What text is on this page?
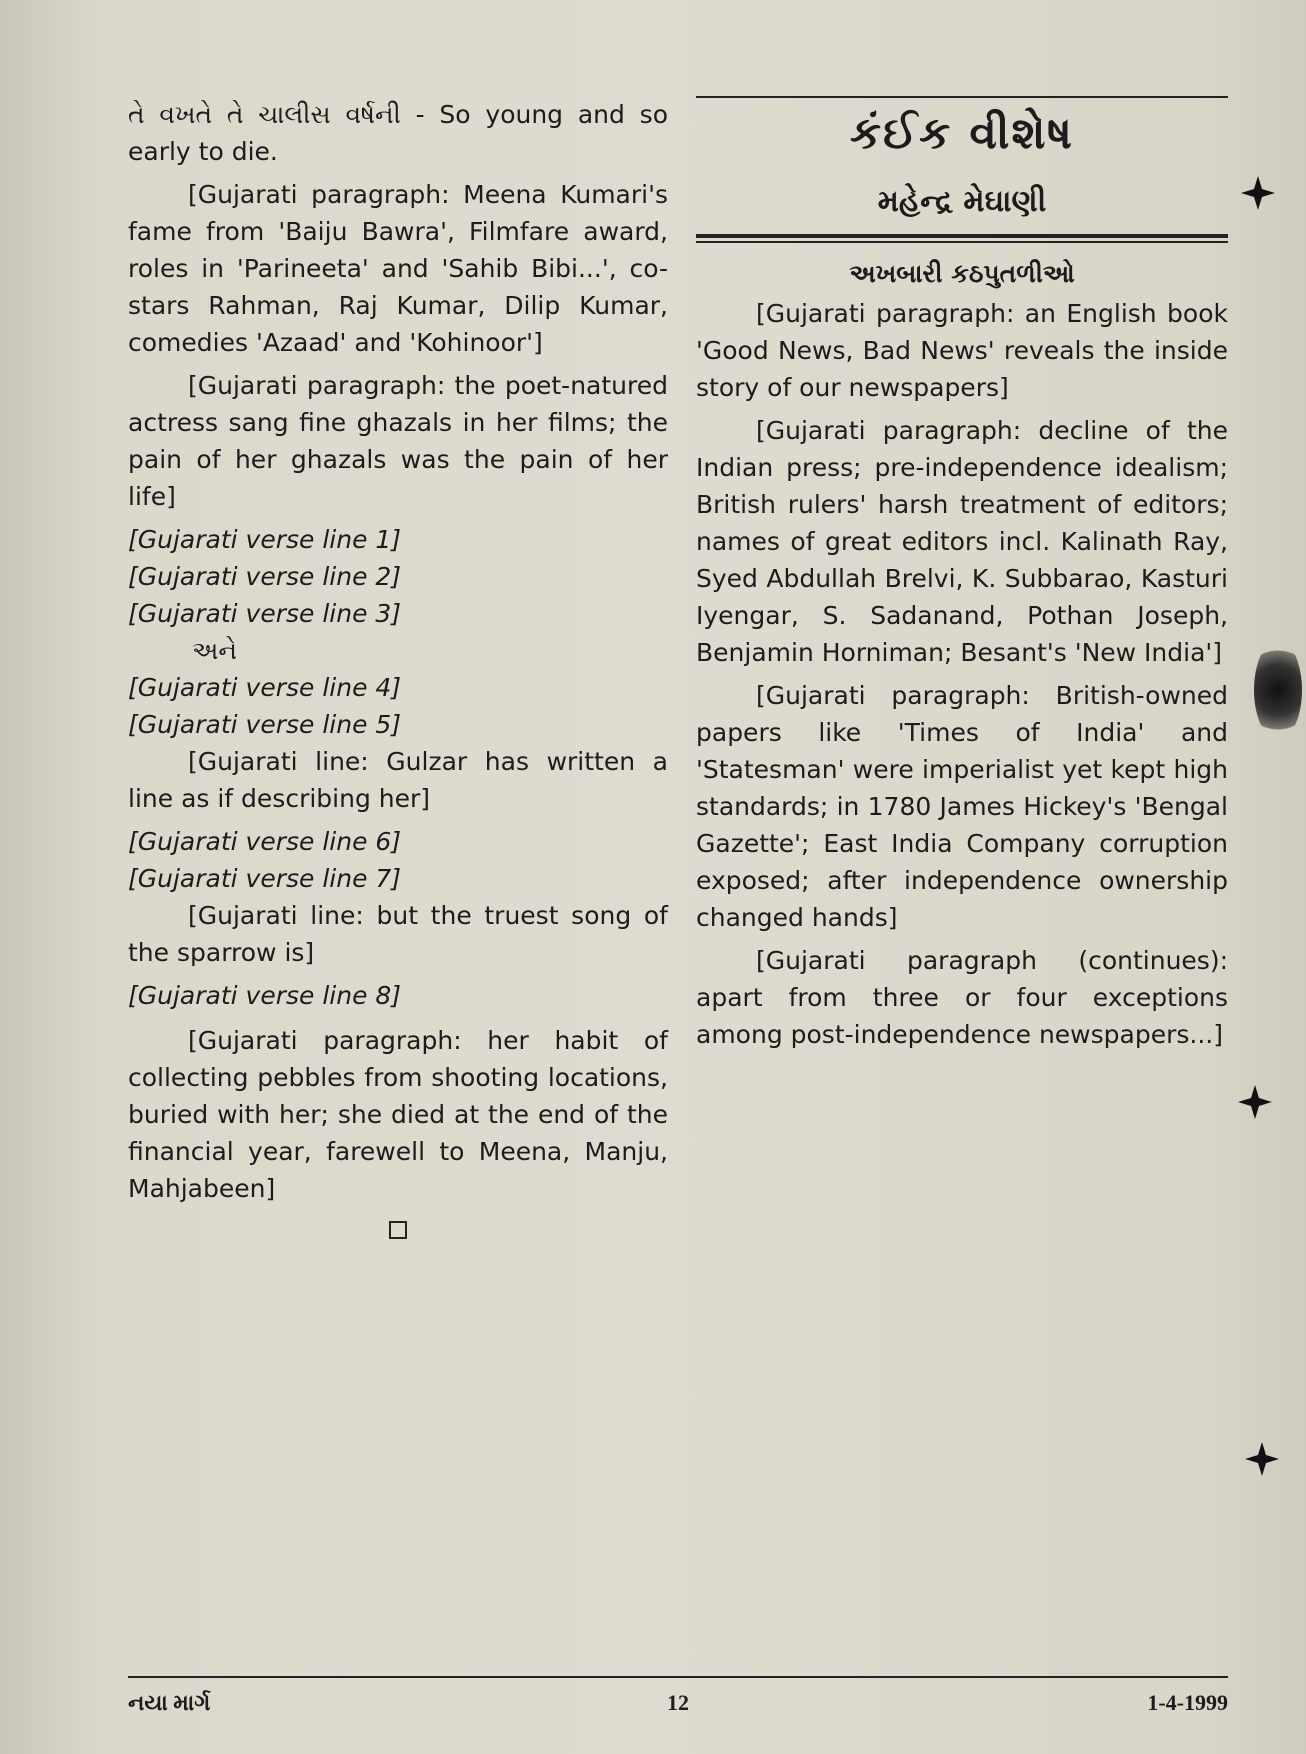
તે વખતે તે ચાલીસ વર્ષની - So young and so early to die.

[Gujarati paragraph: Meena Kumari's fame from 'Baiju Bawra', Filmfare award, roles in 'Parineeta' and 'Sahib Bibi...', co-stars Rahman, Raj Kumar, Dilip Kumar, comedies 'Azaad' and 'Kohinoor']

[Gujarati paragraph: the poet-natured actress sang fine ghazals in her films; the pain of her ghazals was the pain of her life]

[Gujarati verse line 1]

[Gujarati verse line 2]

[Gujarati verse line 3]

અને

[Gujarati verse line 4]

[Gujarati verse line 5]

[Gujarati line: Gulzar has written a line as if describing her]

[Gujarati verse line 6]

[Gujarati verse line 7]

[Gujarati line: but the truest song of the sparrow is]

[Gujarati verse line 8]

[Gujarati paragraph: her habit of collecting pebbles from shooting locations, buried with her; she died at the end of the financial year, farewell to Meena, Manju, Mahjabeen]

કંઈક વીશેષ
મહેન્દ્ર મેઘાણી
અખબારી કઠપુતળીઓ

[Gujarati paragraph: an English book 'Good News, Bad News' reveals the inside story of our newspapers]

[Gujarati paragraph: decline of the Indian press; pre-independence idealism; British rulers' harsh treatment of editors; names of great editors incl. Kalinath Ray, Syed Abdullah Brelvi, K. Subbarao, Kasturi Iyengar, S. Sadanand, Pothan Joseph, Benjamin Horniman; Besant's 'New India']

[Gujarati paragraph: British-owned papers like 'Times of India' and 'Statesman' were imperialist yet kept high standards; in 1780 James Hickey's 'Bengal Gazette'; East India Company corruption exposed; after independence ownership changed hands]

[Gujarati paragraph (continues): apart from three or four exceptions among post-independence newspapers...]

નયા માર્ગ	12	1-4-1999
